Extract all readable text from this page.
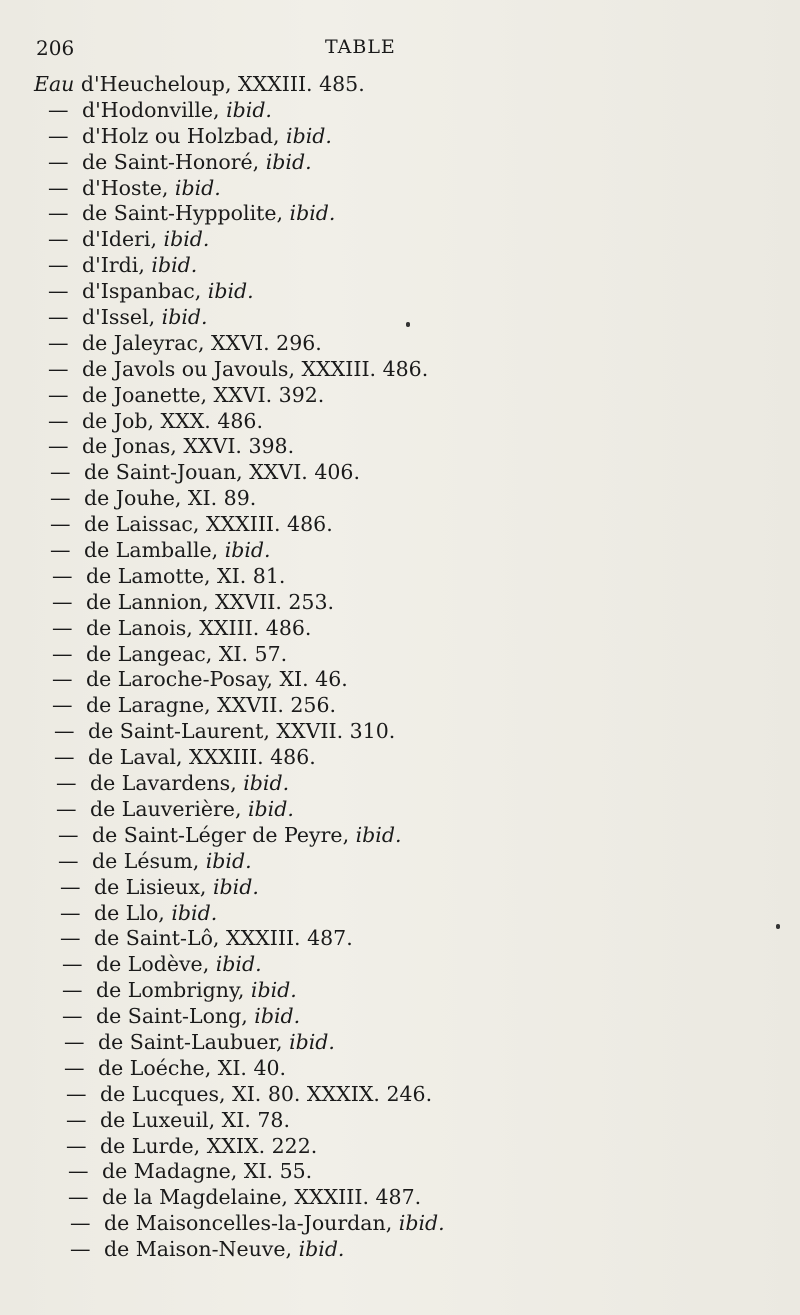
206	TABLE
Eau d'Heucheloup, XXXIII. 485.
— d'Hodonville, ibid.
— d'Holz ou Holzbad, ibid.
— de Saint-Honoré, ibid.
— d'Hoste, ibid.
— de Saint-Hyppolite, ibid.
— d'Ideri, ibid.
— d'Irdi, ibid.
— d'Ispanbac, ibid.
— d'Issel, ibid.
— de Jaleyrac, XXVI. 296.
— de Javols ou Javouls, XXXIII. 486.
— de Joanette, XXVI. 392.
— de Job, XXX. 486.
— de Jonas, XXVI. 398.
— de Saint-Jouan, XXVI. 406.
— de Jouhe, XI. 89.
— de Laissac, XXXIII. 486.
— de Lamballe, ibid.
— de Lamotte, XI. 81.
— de Lannion, XXVII. 253.
— de Lanois, XXIII. 486.
— de Langeac, XI. 57.
— de Laroche-Posay, XI. 46.
— de Laragne, XXVII. 256.
— de Saint-Laurent, XXVII. 310.
— de Laval, XXXIII. 486.
— de Lavardens, ibid.
— de Lauverière, ibid.
— de Saint-Léger de Peyre, ibid.
— de Lésum, ibid.
— de Lisieux, ibid.
— de Llo, ibid.
— de Saint-Lô, XXXIII. 487.
— de Lodève, ibid.
— de Lombrigny, ibid.
— de Saint-Long, ibid.
— de Saint-Laubuer, ibid.
— de Loéche, XI. 40.
— de Lucques, XI. 80. XXXIX. 246.
— de Luxeuil, XI. 78.
— de Lurde, XXIX. 222.
— de Madagne, XI. 55.
— de la Magdelaine, XXXIII. 487.
— de Maisoncelles-la-Jourdan, ibid.
— de Maison-Neuve, ibid.
